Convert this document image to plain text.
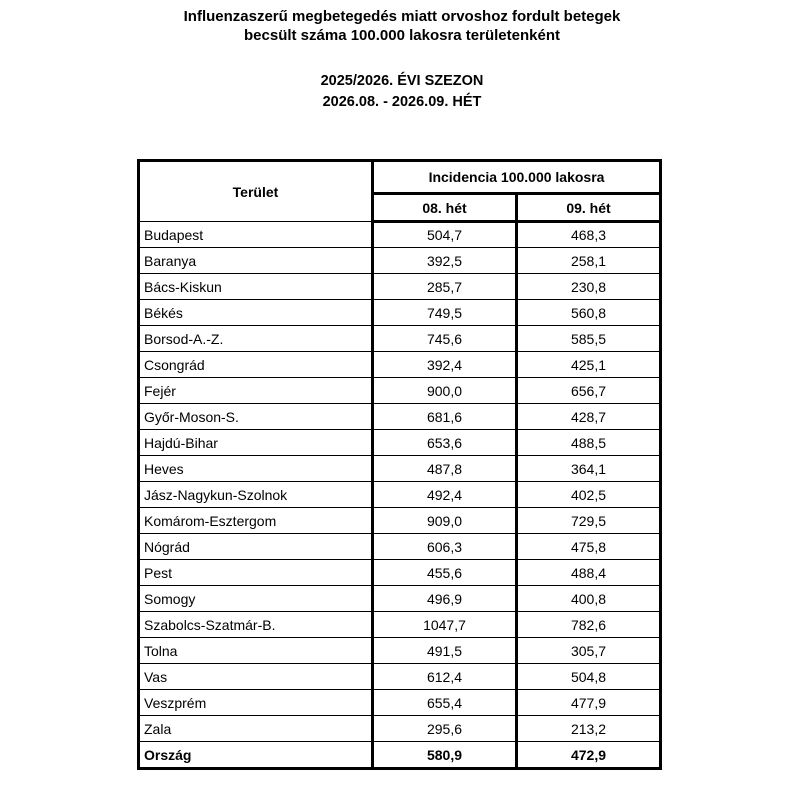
Influenzaszerű megbetegedés miatt orvoshoz fordult betegek
becsült száma 100.000 lakosra területenként
2025/2026. ÉVI SZEZON
2026.08. - 2026.09. HÉT
Terület	Incidencia 100.000 lakosra	
	08. hét	09. hét
Budapest	504,7	468,3
Baranya	392,5	258,1
Bács-Kiskun	285,7	230,8
Békés	749,5	560,8
Borsod-A.-Z.	745,6	585,5
Csongrád	392,4	425,1
Fejér	900,0	656,7
Győr-Moson-S.	681,6	428,7
Hajdú-Bihar	653,6	488,5
Heves	487,8	364,1
Jász-Nagykun-Szolnok	492,4	402,5
Komárom-Esztergom	909,0	729,5
Nógrád	606,3	475,8
Pest	455,6	488,4
Somogy	496,9	400,8
Szabolcs-Szatmár-B.	1047,7	782,6
Tolna	491,5	305,7
Vas	612,4	504,8
Veszprém	655,4	477,9
Zala	295,6	213,2
Ország	580,9	472,9
